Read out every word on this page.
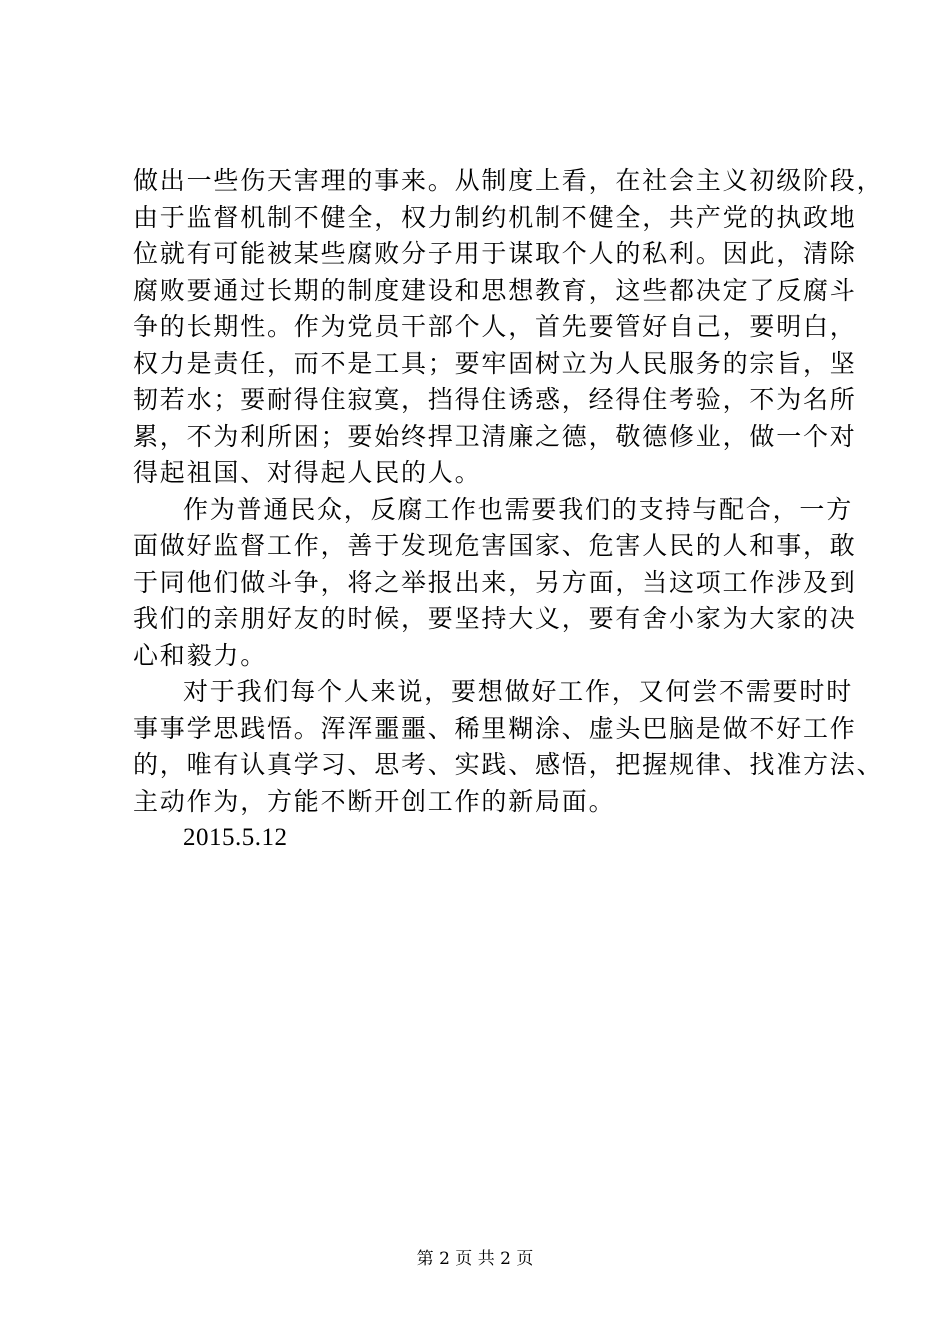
做出一些伤天害理的事来。从制度上看，在社会主义初级阶段，
由于监督机制不健全，权力制约机制不健全，共产党的执政地
位就有可能被某些腐败分子用于谋取个人的私利。因此，清除
腐败要通过长期的制度建设和思想教育，这些都决定了反腐斗
争的长期性。作为党员干部个人，首先要管好自己，要明白，
权力是责任，而不是工具；要牢固树立为人民服务的宗旨，坚
韧若水；要耐得住寂寞，挡得住诱惑，经得住考验，不为名所
累，不为利所困；要始终捍卫清廉之德，敬德修业，做一个对
得起祖国、对得起人民的人。
作为普通民众，反腐工作也需要我们的支持与配合，一方
面做好监督工作，善于发现危害国家、危害人民的人和事，敢
于同他们做斗争，将之举报出来，另方面，当这项工作涉及到
我们的亲朋好友的时候，要坚持大义，要有舍小家为大家的决
心和毅力。
对于我们每个人来说，要想做好工作，又何尝不需要时时
事事学思践悟。浑浑噩噩、稀里糊涂、虚头巴脑是做不好工作
的，唯有认真学习、思考、实践、感悟，把握规律、找准方法、
主动作为，方能不断开创工作的新局面。
2015.5.12
第 2 页 共 2 页
